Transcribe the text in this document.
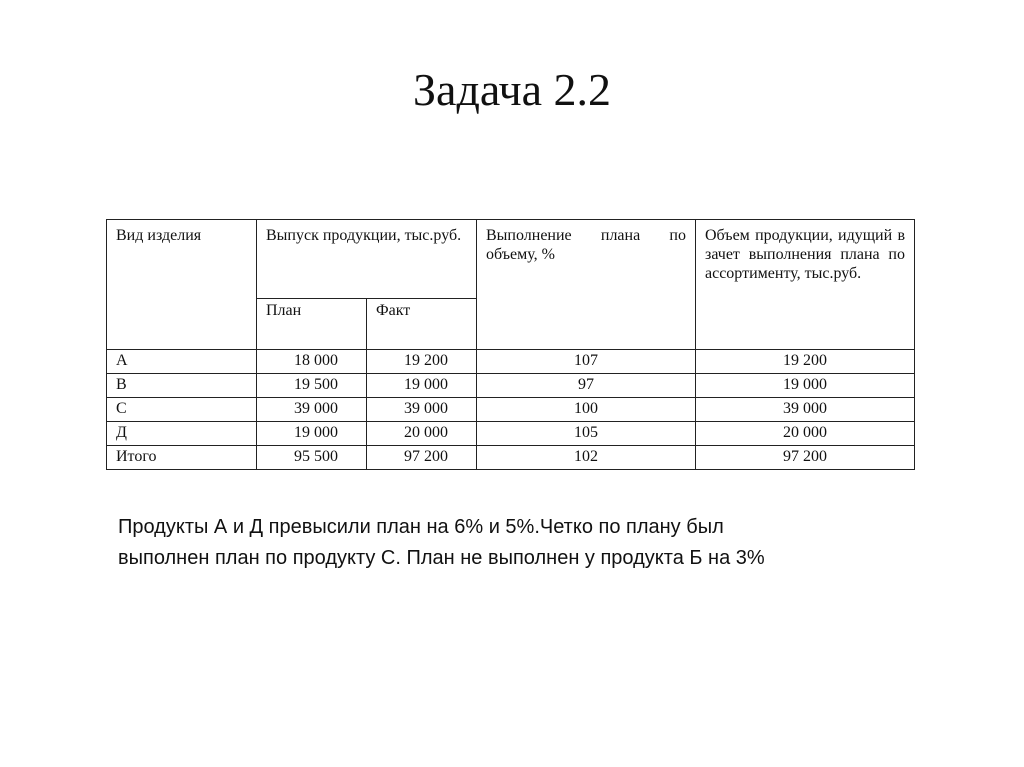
Задача 2.2
Вид изделия	Выпуск продукции, тыс.руб.		Выполнение плана по объему, %	Объем продукции, идущий в зачет выполнения плана по ассортименту, тыс.руб.
	План	Факт		
А	18 000	19 200	107	19 200
В	19 500	19 000	97	19 000
С	39 000	39 000	100	39 000
Д	19 000	20 000	105	20 000
Итого	95 500	97 200	102	97 200

Продукты А и Д превысили план на 6% и 5%.Четко по плану был

выполнен план по продукту С. План не выполнен у продукта Б на 3%
